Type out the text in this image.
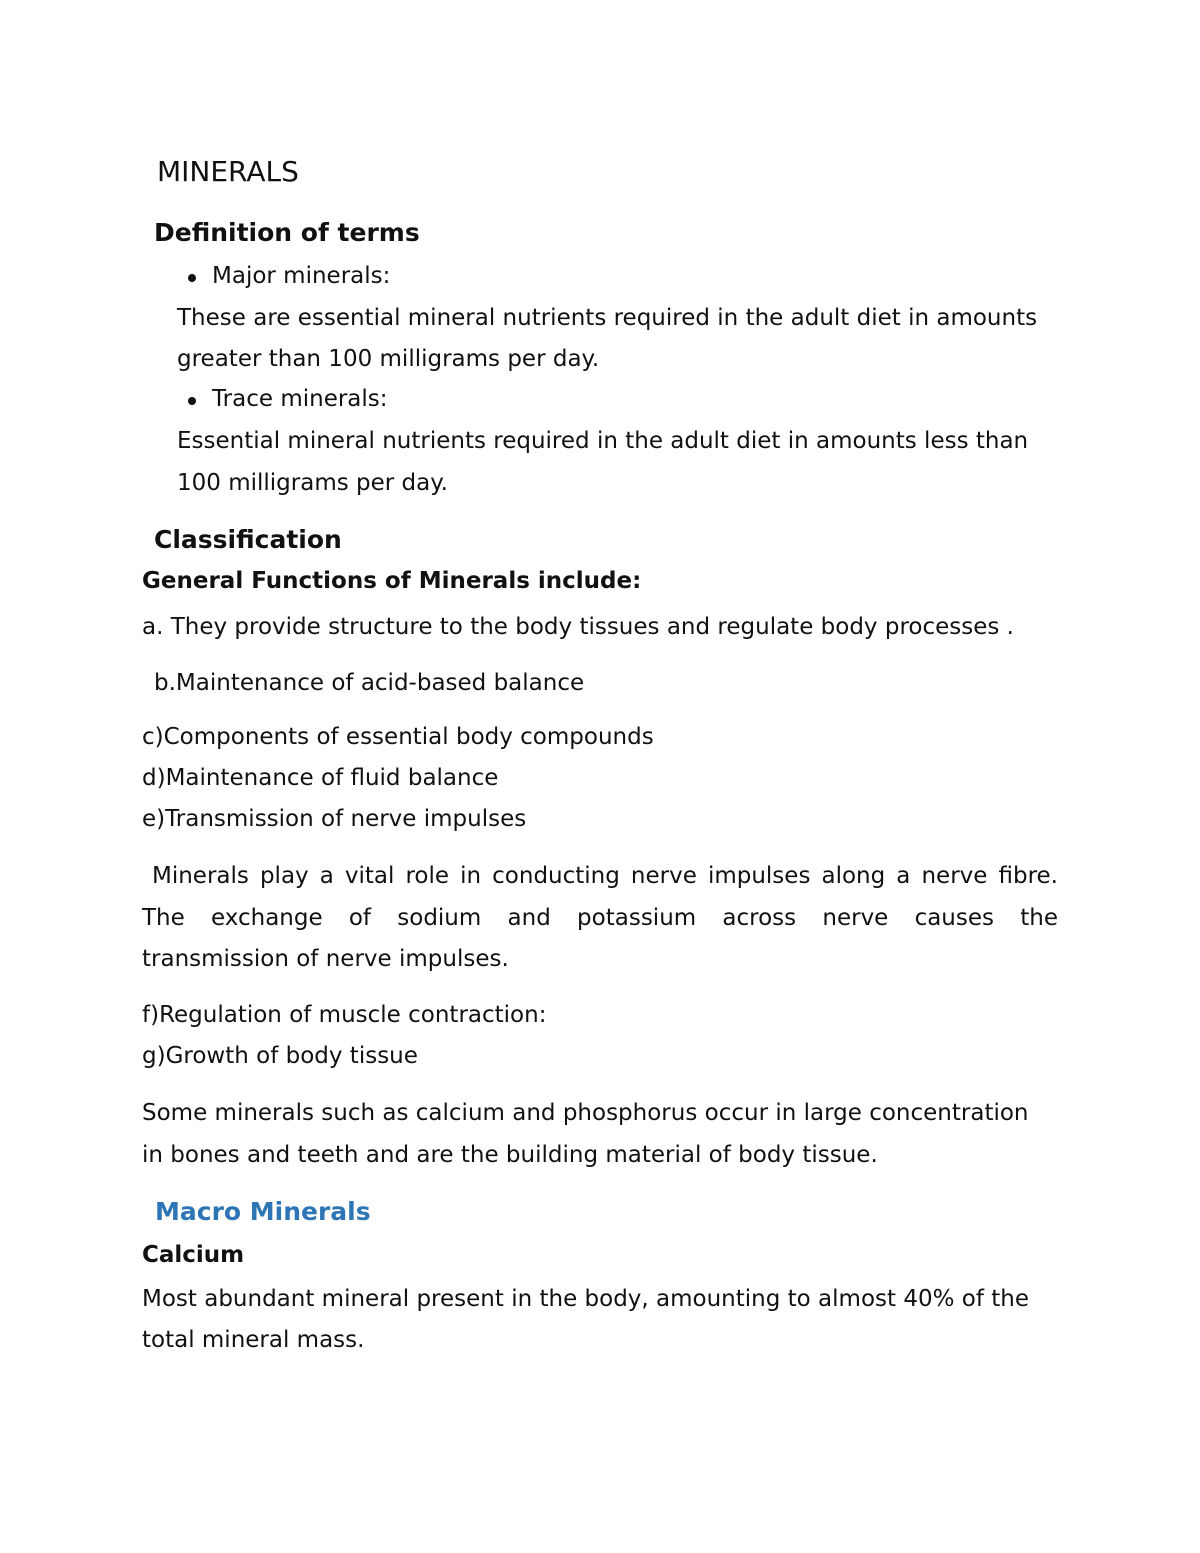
MINERALS
Definition of terms

Major minerals:

These are essential mineral nutrients required in the adult diet in amounts

greater than 100 milligrams per day.

Trace minerals:

Essential mineral nutrients required in the adult diet in amounts less than

100 milligrams per day.

Classification
General Functions of Minerals include:

a. They provide structure to the body tissues and regulate body processes .

b.Maintenance of acid-based balance

c)Components of essential body compounds

d)Maintenance of fluid balance

e)Transmission of nerve impulses

Minerals play a vital role in conducting nerve impulses along a nerve fibre.

The exchange of sodium and potassium across nerve causes the

transmission of nerve impulses.

f)Regulation of muscle contraction:

g)Growth of body tissue

Some minerals such as calcium and phosphorus occur in large concentration

in bones and teeth and are the building material of body tissue.

Macro Minerals
Calcium

Most abundant mineral present in the body, amounting to almost 40% of the

total mineral mass.
